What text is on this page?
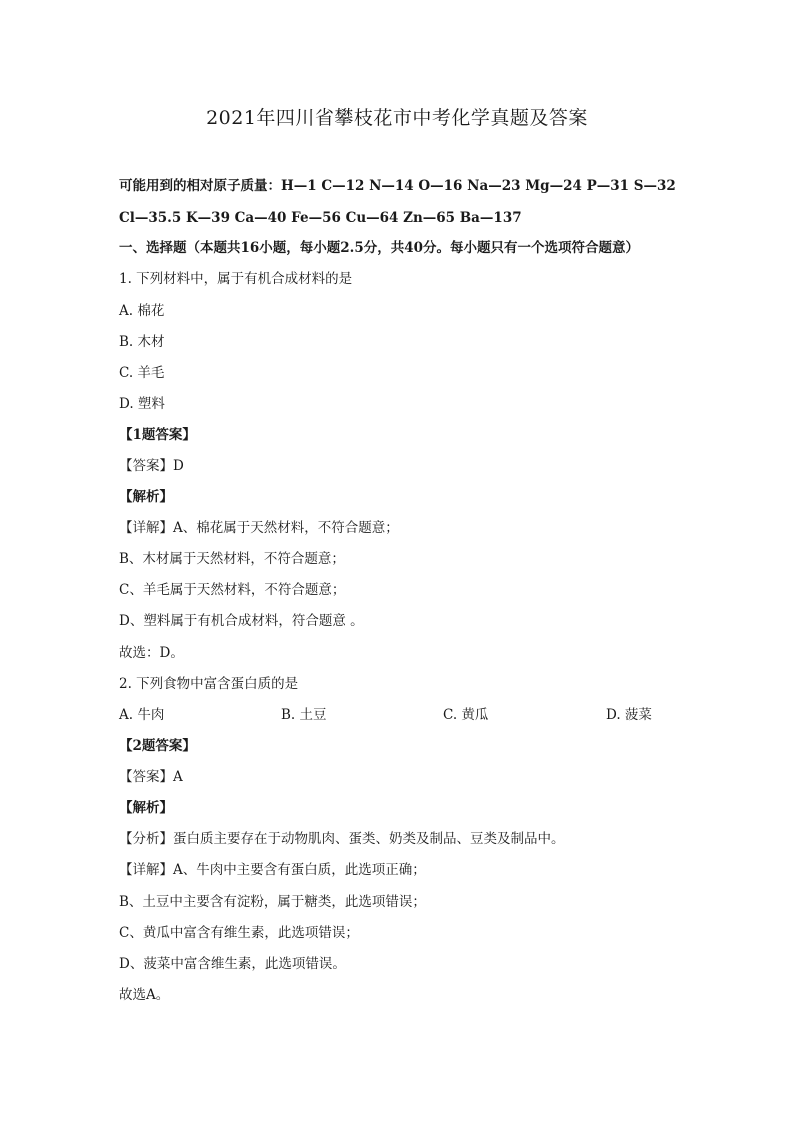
2021年四川省攀枝花市中考化学真题及答案
可能用到的相对原子质量：H—1 C—12 N—14 O—16 Na—23 Mg—24 P—31 S—32
Cl—35.5 K—39 Ca—40 Fe—56 Cu—64 Zn—65 Ba—137
一、选择题（本题共16小题，每小题2.5分，共40分。每小题只有一个选项符合题意）
1. 下列材料中，属于有机合成材料的是
A. 棉花
B. 木材
C. 羊毛
D. 塑料
【1题答案】
【答案】D
【解析】
【详解】A、棉花属于天然材料，不符合题意；
B、木材属于天然材料，不符合题意；
C、羊毛属于天然材料，不符合题意；
D、塑料属于有机合成材料，符合题意 。
故选：D。
2. 下列食物中富含蛋白质的是
A. 牛肉	B. 土豆	C. 黄瓜	D. 菠菜
【2题答案】
【答案】A
【解析】
【分析】蛋白质主要存在于动物肌肉、蛋类、奶类及制品、豆类及制品中。
【详解】A、牛肉中主要含有蛋白质，此选项正确；
B、土豆中主要含有淀粉，属于糖类，此选项错误；
C、黄瓜中富含有维生素，此选项错误；
D、菠菜中富含维生素，此选项错误。
故选A。
